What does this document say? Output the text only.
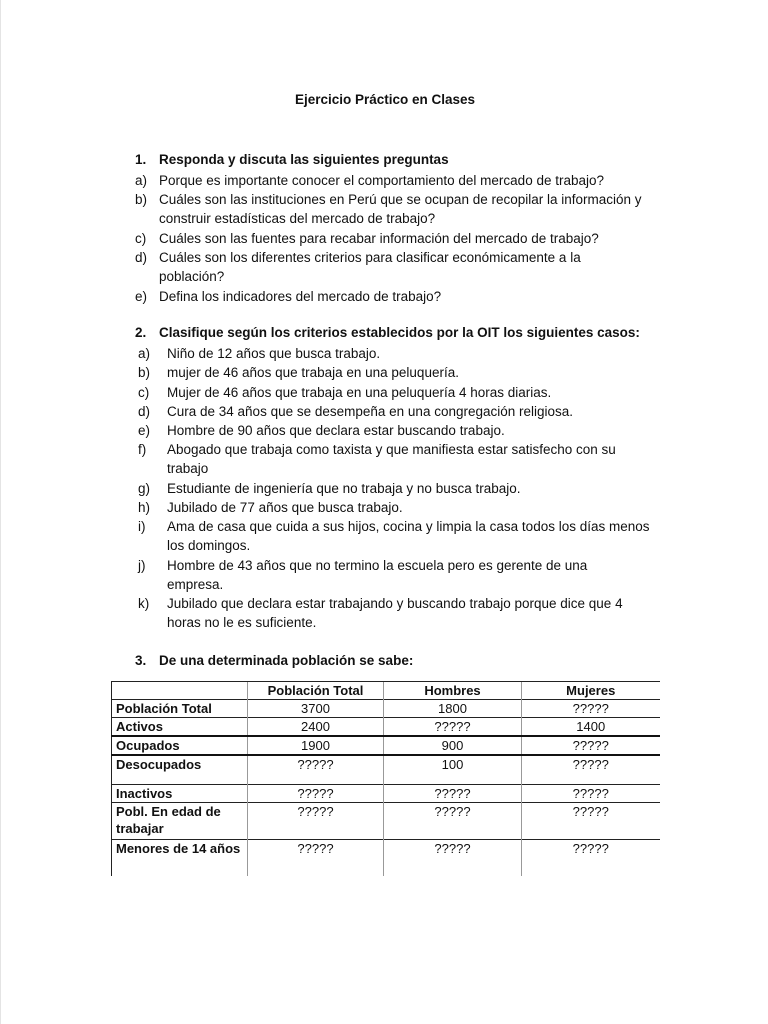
Ejercicio Práctico en Clases
1. Responda y discuta las siguientes preguntas
a) Porque es importante conocer el comportamiento del mercado de trabajo?
b) Cuáles son las instituciones en Perú que se ocupan de recopilar la información y
construir estadísticas del mercado de trabajo?
c) Cuáles son las fuentes para recabar información del mercado de trabajo?
d) Cuáles son los diferentes criterios para clasificar económicamente a la
población?
e) Defina los indicadores del mercado de trabajo?
2. Clasifique según los criterios establecidos por la OIT los siguientes casos:
a) Niño de 12 años que busca trabajo.
b) mujer de 46 años que trabaja en una peluquería.
c) Mujer de 46 años que trabaja en una peluquería 4 horas diarias.
d) Cura de 34 años que se desempeña en una congregación religiosa.
e) Hombre de 90 años que declara estar buscando trabajo.
f) Abogado que trabaja como taxista y que manifiesta estar satisfecho con su
trabajo
g) Estudiante de ingeniería que no trabaja y no busca trabajo.
h) Jubilado de 77 años que busca trabajo.
i) Ama de casa que cuida a sus hijos, cocina y limpia la casa todos los días menos
los domingos.
j) Hombre de 43 años que no termino la escuela pero es gerente de una
empresa.
k) Jubilado que declara estar trabajando y buscando trabajo porque dice que 4
horas no le es suficiente.
3. De una determinada población se sabe:
	Población Total	Hombres	Mujeres
Población Total	3700	1800	?????
Activos	2400	?????	1400
Ocupados	1900	900	?????
Desocupados	?????	100	?????
Inactivos	?????	?????	?????
Pobl. En edad de trabajar	?????	?????	?????
Menores de 14 años	?????	?????	?????
